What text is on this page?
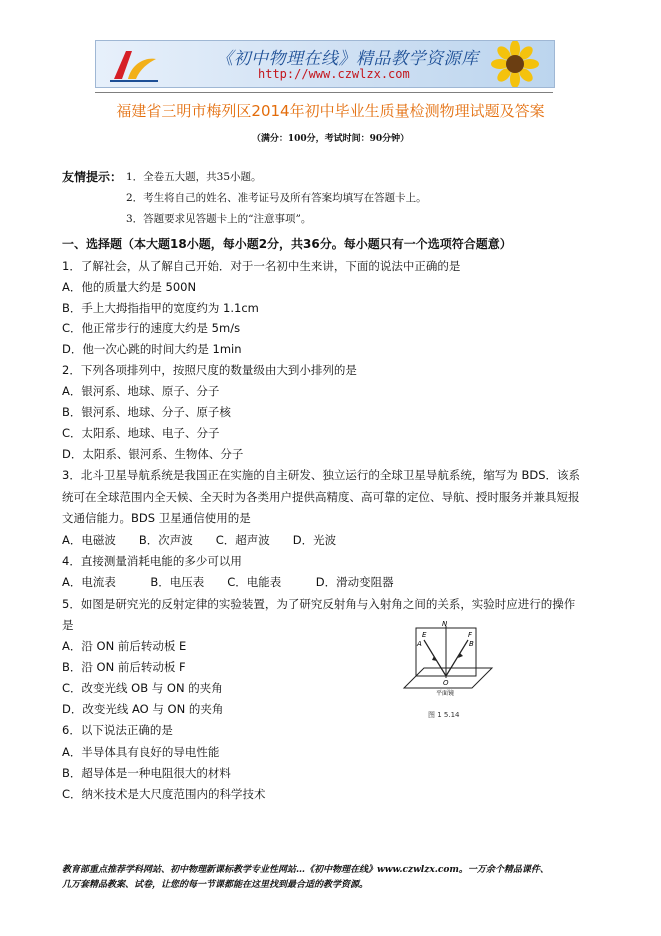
《初中物理在线》精品教学资源库
http://www.czwlzx.com
福建省三明市梅列区2014年初中毕业生质量检测物理试题及答案
（满分：100分，考试时间：90分钟）
友情提示： 1．全卷五大题，共35小题。
2．考生将自己的姓名、准考证号及所有答案均填写在答题卡上。
3．答题要求见答题卡上的“注意事项”。
一、选择题（本大题18小题，每小题2分，共36分。每小题只有一个选项符合题意）
1．了解社会，从了解自己开始．对于一名初中生来讲，下面的说法中正确的是
A．他的质量大约是 500N
B．手上大拇指指甲的宽度约为 1.1cm
C．他正常步行的速度大约是 5m/s
D．他一次心跳的时间大约是 1min
2．下列各项排列中，按照尺度的数量级由大到小排列的是
A．银河系、地球、原子、分子
B．银河系、地球、分子、原子核
C．太阳系、地球、电子、分子
D．太阳系、银河系、生物体、分子
3．北斗卫星导航系统是我国正在实施的自主研发、独立运行的全球卫星导航系统，缩写为 BDS．该系
统可在全球范围内全天候、全天时为各类用户提供高精度、高可靠的定位、导航、授时服务并兼具短报
文通信能力。BDS 卫星通信使用的是
A．电磁波　　B．次声波　　C．超声波　　D．光波
4．直接测量消耗电能的多少可以用
A．电流表　　　B．电压表　　C．电能表　　　D．滑动变阻器
5．如图是研究光的反射定律的实验装置，为了研究反射角与入射角之间的关系，实验时应进行的操作
是
A．沿 ON 前后转动板 E
B．沿 ON 前后转动板 F
C．改变光线 OB 与 ON 的夹角
D．改变光线 AO 与 ON 的夹角
6．以下说法正确的是
A．半导体具有良好的导电性能
B．超导体是一种电阻很大的材料
C．纳米技术是大尺度范围内的科学技术
E
N
F
A	B
O
平面镜
图 1 5.14
教育部重点推荐学科网站、初中物理新课标教学专业性网站…《初中物理在线》www.czwlzx.com。一万余个精品课件、
几万套精品教案、试卷，让您的每一节课都能在这里找到最合适的教学资源。
